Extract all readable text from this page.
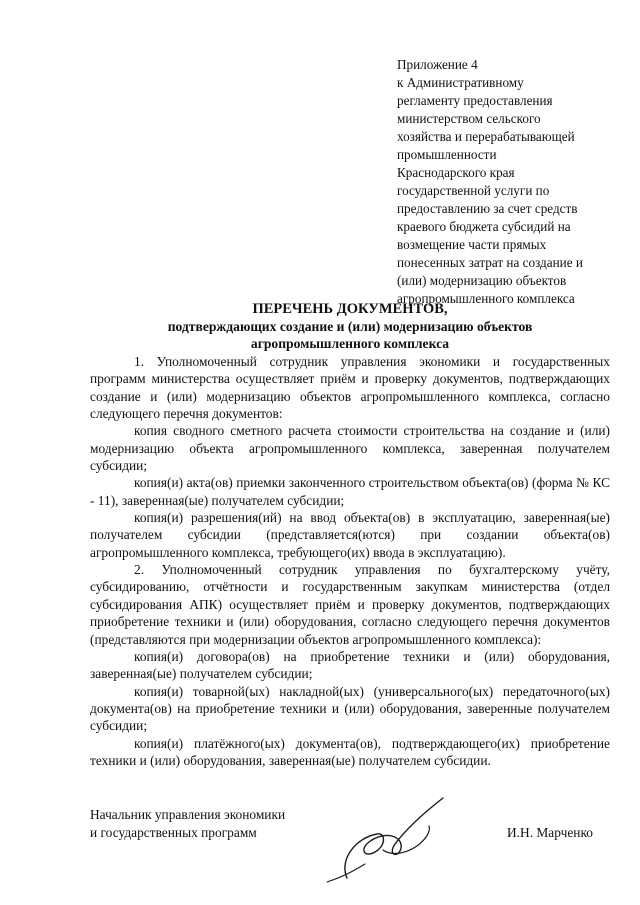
Приложение 4
к Административному
регламенту предоставления
министерством сельского
хозяйства и перерабатывающей
промышленности
Краснодарского края
государственной услуги по
предоставлению за счет средств
краевого бюджета субсидий на
возмещение части прямых
понесенных затрат на создание и
(или) модернизацию объектов
агропромышленного комплекса
ПЕРЕЧЕНЬ ДОКУМЕНТОВ,
подтверждающих создание и (или) модернизацию объектов
агропромышленного комплекса

1. Уполномоченный сотрудник управления экономики и государственных программ министерства осуществляет приём и проверку документов, подтверждающих создание и (или) модернизацию объектов агропромышленного комплекса, согласно следующего перечня документов:

копия сводного сметного расчета стоимости строительства на создание и (или) модернизацию объекта агропромышленного комплекса, заверенная получателем субсидии;

копия(и) акта(ов) приемки законченного строительством объекта(ов) (форма № КС - 11), заверенная(ые) получателем субсидии;

копия(и) разрешения(ий) на ввод объекта(ов) в эксплуатацию, заверенная(ые) получателем субсидии (представляется(ются) при создании объекта(ов) агропромышленного комплекса, требующего(их) ввода в эксплуатацию).

2. Уполномоченный сотрудник управления по бухгалтерскому учёту, субсидированию, отчётности и государственным закупкам министерства (отдел субсидирования АПК) осуществляет приём и проверку документов, подтверждающих приобретение техники и (или) оборудования, согласно следующего перечня документов (представляются при модернизации объектов агропромышленного комплекса):

копия(и) договора(ов) на приобретение техники и (или) оборудования, заверенная(ые) получателем субсидии;

копия(и) товарной(ых) накладной(ых) (универсального(ых) передаточного(ых) документа(ов) на приобретение техники и (или) оборудования, заверенные получателем субсидии;

копия(и) платёжного(ых) документа(ов), подтверждающего(их) приобретение техники и (или) оборудования, заверенная(ые) получателем субсидии.

Начальник управления экономики
и государственных программ	И.Н. Марченко
